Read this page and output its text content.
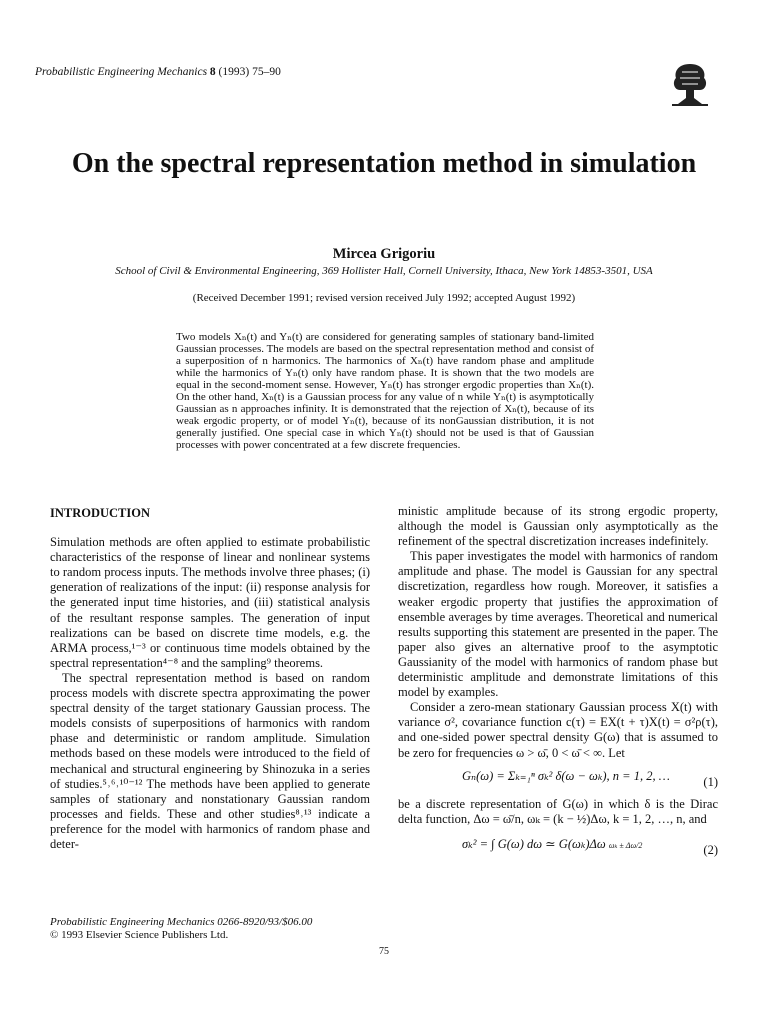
Probabilistic Engineering Mechanics 8 (1993) 75–90
On the spectral representation method in simulation
Mircea Grigoriu
School of Civil & Environmental Engineering, 369 Hollister Hall, Cornell University, Ithaca, New York 14853-3501, USA
(Received December 1991; revised version received July 1992; accepted August 1992)
Two models Xₙ(t) and Yₙ(t) are considered for generating samples of stationary band-limited Gaussian processes. The models are based on the spectral representation method and consist of a superposition of n harmonics. The harmonics of Xₙ(t) have random phase and amplitude while the harmonics of Yₙ(t) only have random phase. It is shown that the two models are equal in the second-moment sense. However, Yₙ(t) has stronger ergodic properties than Xₙ(t). On the other hand, Xₙ(t) is a Gaussian process for any value of n while Yₙ(t) is asymptotically Gaussian as n approaches infinity. It is demonstrated that the rejection of Xₙ(t), because of its weak ergodic property, or of model Yₙ(t), because of its nonGaussian distribution, it is not generally justified. One special case in which Yₙ(t) should not be used is that of Gaussian processes with power concentrated at a few discrete frequencies.

INTRODUCTION

Simulation methods are often applied to estimate probabilistic characteristics of the response of linear and nonlinear systems to random process inputs. The methods involve three phases; (i) generation of realizations of the input: (ii) response analysis for the generated input time histories, and (iii) statistical analysis of the resultant response samples. The generation of input realizations can be based on discrete time models, e.g. the ARMA process,¹⁻³ or continuous time models obtained by the spectral representation⁴⁻⁸ and the sampling⁹ theorems.

The spectral representation method is based on random process models with discrete spectra approximating the power spectral density of the target stationary Gaussian process. The models consists of superpositions of harmonics with random phase and deterministic or random amplitude. Simulation methods based on these models were introduced to the field of mechanical and structural engineering by Shinozuka in a series of studies.⁵˒⁶˒¹⁰⁻¹² The methods have been applied to generate samples of stationary and nonstationary Gaussian random processes and fields. These and other studies⁸˒¹³ indicate a preference for the model with harmonics of random phase and deter-

ministic amplitude because of its strong ergodic property, although the model is Gaussian only asymptotically as the refinement of the spectral discretization increases indefinitely.

This paper investigates the model with harmonics of random amplitude and phase. The model is Gaussian for any spectral discretization, regardless how rough. Moreover, it satisfies a weaker ergodic property that justifies the approximation of ensemble averages by time averages. Theoretical and numerical results supporting this statement are presented in the paper. The paper also gives an alternative proof to the asymptotic Gaussianity of the model with harmonics of random phase but deterministic amplitude and demonstrate limitations of this model by examples.

Consider a zero-mean stationary Gaussian process X(t) with variance σ², covariance function c(τ) = EX(t + τ)X(t) = σ²ρ(τ), and one-sided power spectral density G(ω) that is assumed to be zero for frequencies ω > ω̄, 0 < ω̄ < ∞. Let

Gₙ(ω) = Σₖ₌₁ⁿ σₖ² δ(ω − ωₖ), n = 1, 2, …	(1)

be a discrete representation of G(ω) in which δ is the Dirac delta function, Δω = ω̄/n, ωₖ = (k − ½)Δω, k = 1, 2, …, n, and

σₖ² = ∫ G(ω) dω ≃ G(ωₖ)Δω ωₖ ± Δω/2	(2)
Probabilistic Engineering Mechanics 0266-8920/93/$06.00
© 1993 Elsevier Science Publishers Ltd.
75
